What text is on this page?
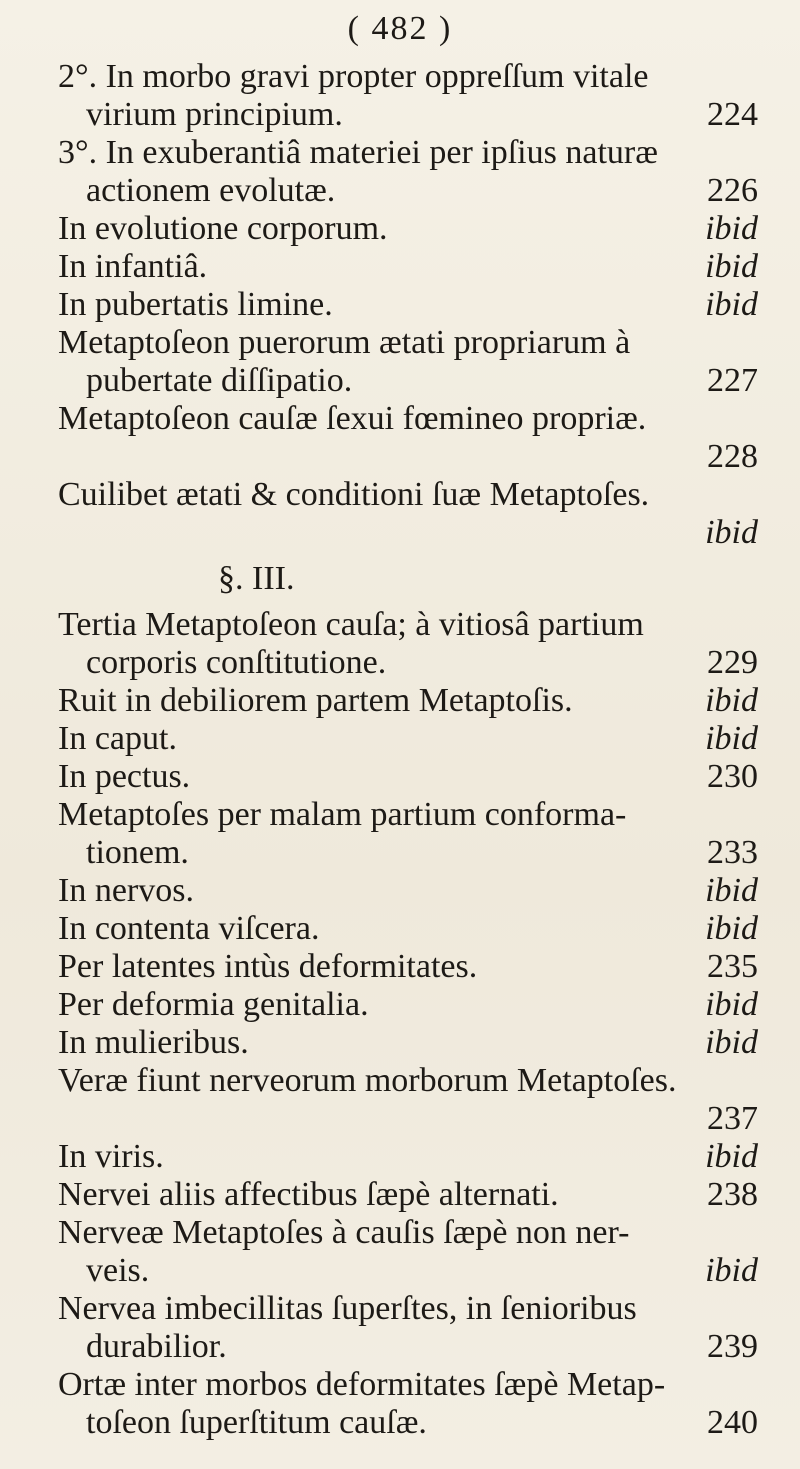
( 482 )
2°. In morbo gravi propter oppreſſum vitale
virium principium.	224
3°. In exuberantiâ materiei per ipſius naturæ
actionem evolutæ.	226
In evolutione corporum.	ibid
In infantiâ.	ibid
In pubertatis limine.	ibid
Metaptoſeon puerorum ætati propriarum à
pubertate diſſipatio.	227
Metaptoſeon cauſæ ſexui fœmineo propriæ.
228
Cuilibet ætati & conditioni ſuæ Metaptoſes.
ibid
§. III.
Tertia Metaptoſeon cauſa; à vitiosâ partium
corporis conſtitutione.	229
Ruit in debiliorem partem Metaptoſis.	ibid
In caput.	ibid
In pectus.	230
Metaptoſes per malam partium conforma-
tionem.	233
In nervos.	ibid
In contenta viſcera.	ibid
Per latentes intùs deformitates.	235
Per deformia genitalia.	ibid
In mulieribus.	ibid
Veræ fiunt nerveorum morborum Metaptoſes.
237
In viris.	ibid
Nervei aliis affectibus ſæpè alternati.	238
Nerveæ Metaptoſes à cauſis ſæpè non ner-
veis.	ibid
Nervea imbecillitas ſuperſtes, in ſenioribus
durabilior.	239
Ortæ inter morbos deformitates ſæpè Metap-
toſeon ſuperſtitum cauſæ.	240
